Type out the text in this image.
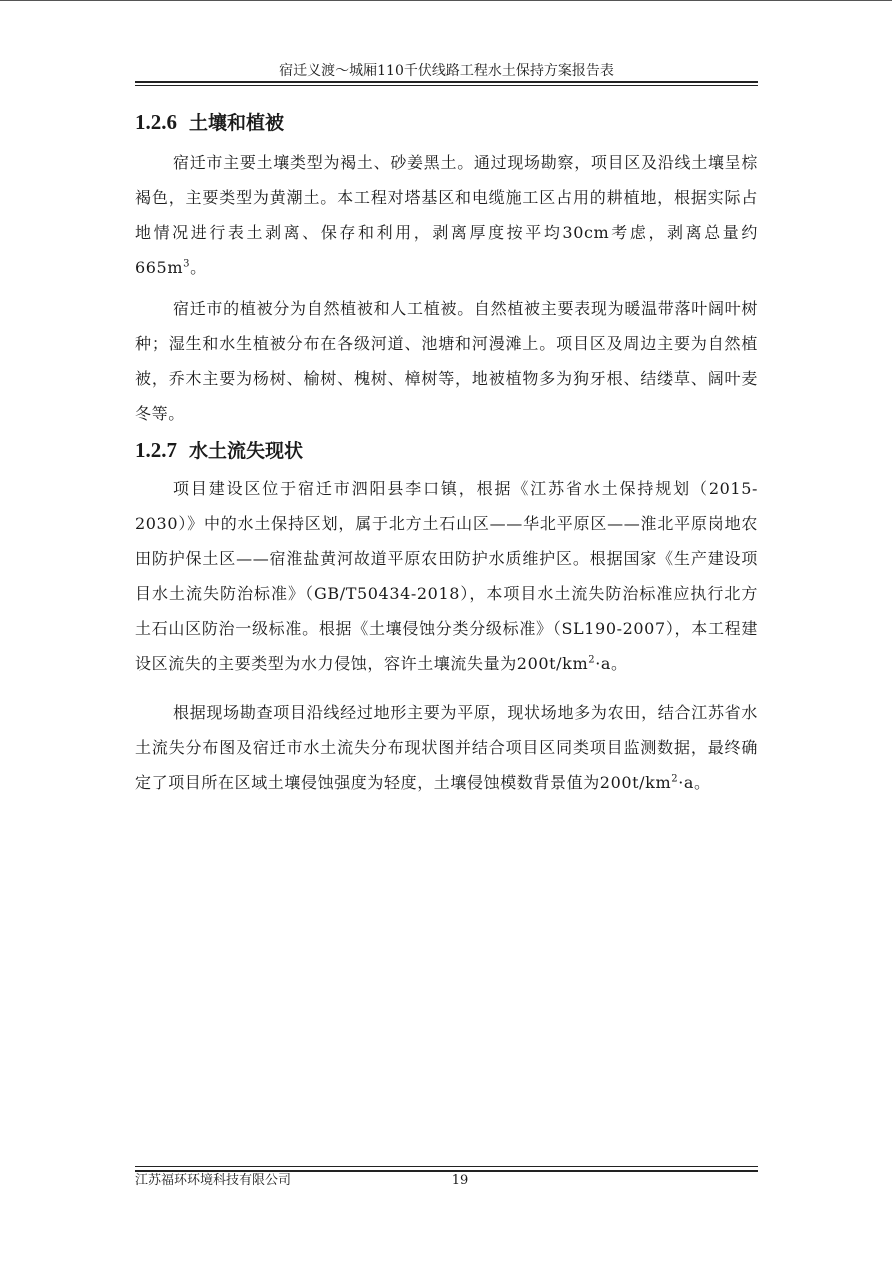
宿迁义渡～城厢110千伏线路工程水土保持方案报告表
1.2.6 土壤和植被

宿迁市主要土壤类型为褐土、砂姜黑土。通过现场勘察，项目区及沿线土壤呈棕褐色，主要类型为黄潮土。本工程对塔基区和电缆施工区占用的耕植地，根据实际占地情况进行表土剥离、保存和利用，剥离厚度按平均30cm考虑，剥离总量约$665m^3$。

宿迁市的植被分为自然植被和人工植被。自然植被主要表现为暖温带落叶阔叶树种；湿生和水生植被分布在各级河道、池塘和河漫滩上。项目区及周边主要为自然植被，乔木主要为杨树、榆树、槐树、樟树等，地被植物多为狗牙根、结缕草、阔叶麦冬等。

1.2.7 水土流失现状

项目建设区位于宿迁市泗阳县李口镇，根据《江苏省水土保持规划（2015-2030）》中的水土保持区划，属于北方土石山区——华北平原区——淮北平原岗地农田防护保土区——宿淮盐黄河故道平原农田防护水质维护区。根据国家《生产建设项目水土流失防治标准》（GB/T50434-2018），本项目水土流失防治标准应执行北方土石山区防治一级标准。根据《土壤侵蚀分类分级标准》（SL190-2007），本工程建设区流失的主要类型为水力侵蚀，容许土壤流失量为$200t/km^2\cdot a$。

根据现场勘查项目沿线经过地形主要为平原，现状场地多为农田，结合江苏省水土流失分布图及宿迁市水土流失分布现状图并结合项目区同类项目监测数据，最终确定了项目所在区域土壤侵蚀强度为轻度，土壤侵蚀模数背景值为$200t/km^2\cdot a$。

江苏福环环境科技有限公司	19
